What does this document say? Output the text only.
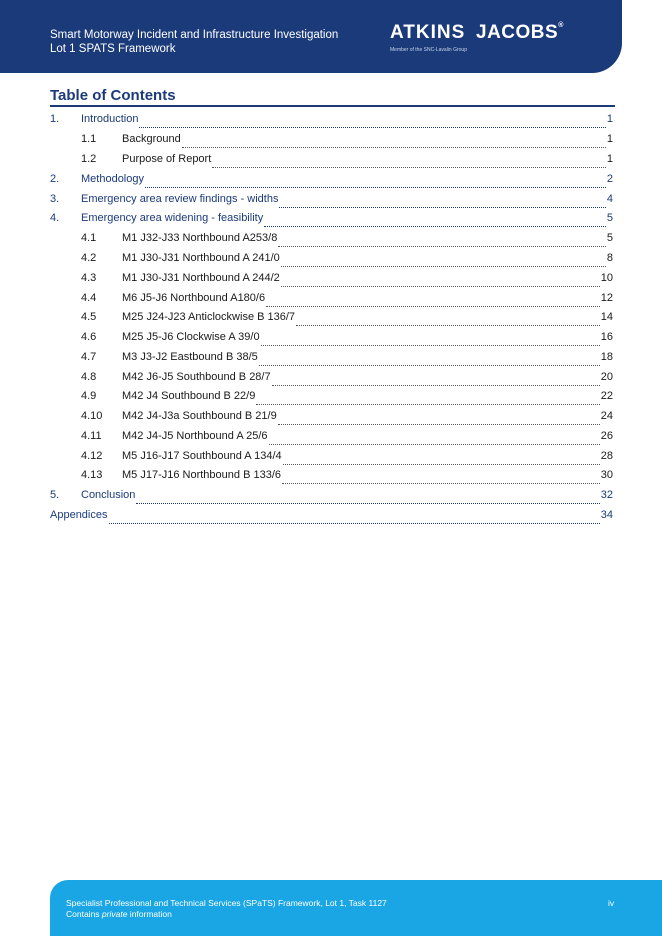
Smart Motorway Incident and Infrastructure Investigation
Lot 1 SPATS Framework
ATKINS
Member of the SNC-Lavalin Group
JACOBS®
Table of Contents
1.	Introduction	1
1.1	Background	1
1.2	Purpose of Report	1
2.	Methodology	2
3.	Emergency area review findings - widths	4
4.	Emergency area widening - feasibility	5
4.1	M1 J32-J33 Northbound A253/8	5
4.2	M1 J30-J31 Northbound A 241/0	8
4.3	M1 J30-J31 Northbound A 244/2	10
4.4	M6 J5-J6 Northbound A180/6	12
4.5	M25 J24-J23 Anticlockwise B 136/7	14
4.6	M25 J5-J6 Clockwise A 39/0	16
4.7	M3 J3-J2 Eastbound B 38/5	18
4.8	M42 J6-J5 Southbound B 28/7	20
4.9	M42 J4 Southbound B 22/9	22
4.10	M42 J4-J3a Southbound B 21/9	24
4.11	M42 J4-J5 Northbound A 25/6	26
4.12	M5 J16-J17 Southbound A 134/4	28
4.13	M5 J17-J16 Northbound B 133/6	30
5.	Conclusion	32
Appendices	34
Specialist Professional and Technical Services (SPaTS) Framework, Lot 1, Task 1127
Contains private information
iv
